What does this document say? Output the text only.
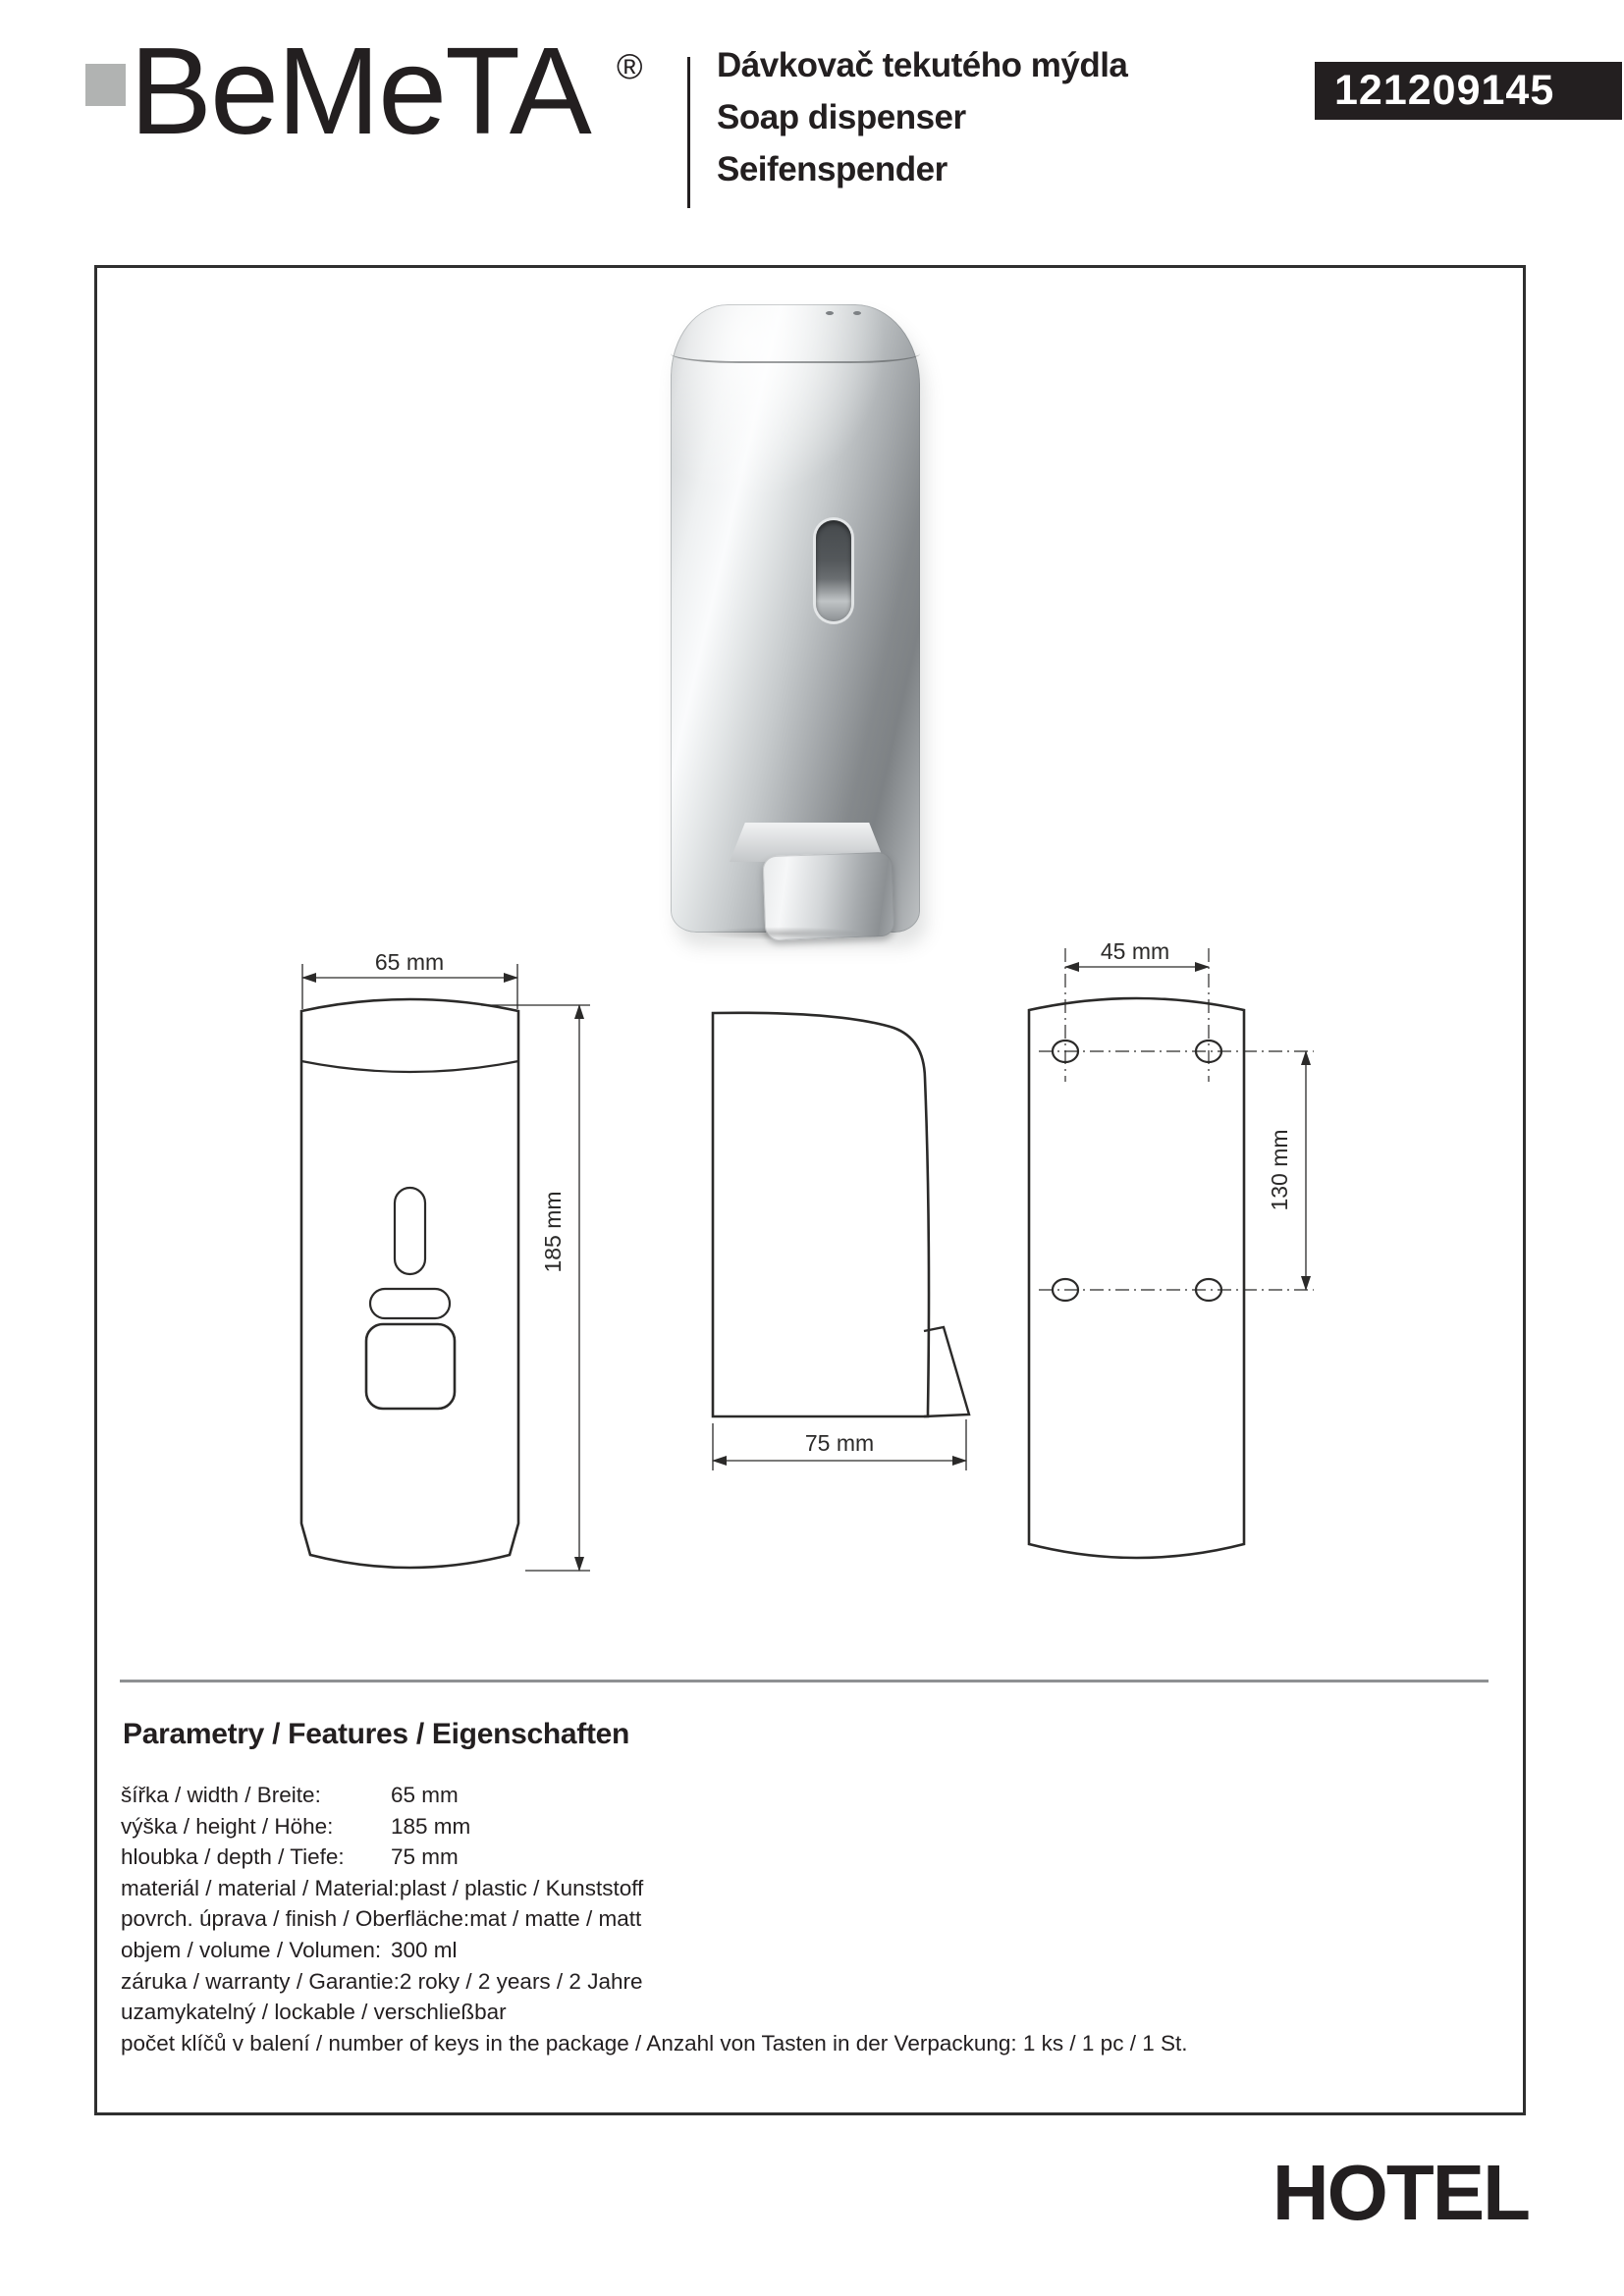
BeMeTA ® Dávkovač tekutého mýdla
Soap dispenser
Seifenspender
121209145
65 mm
185 mm
75 mm
45 mm
130 mm
Parametry / Features / Eigenschaften
šířka / width / Breite:	65 mm
výška / height / Höhe:	185 mm
hloubka / depth / Tiefe:	75 mm
materiál / material / Material: plast / plastic / Kunststoff
povrch. úprava / finish / Oberfläche: mat / matte / matt
objem / volume / Volumen: 300 ml
záruka / warranty / Garantie: 2 roky / 2 years / 2 Jahre
uzamykatelný / lockable / verschließbar
počet klíčů v balení / number of keys in the package / Anzahl von Tasten in der Verpackung: 1 ks / 1 pc / 1 St.
HOTEL
